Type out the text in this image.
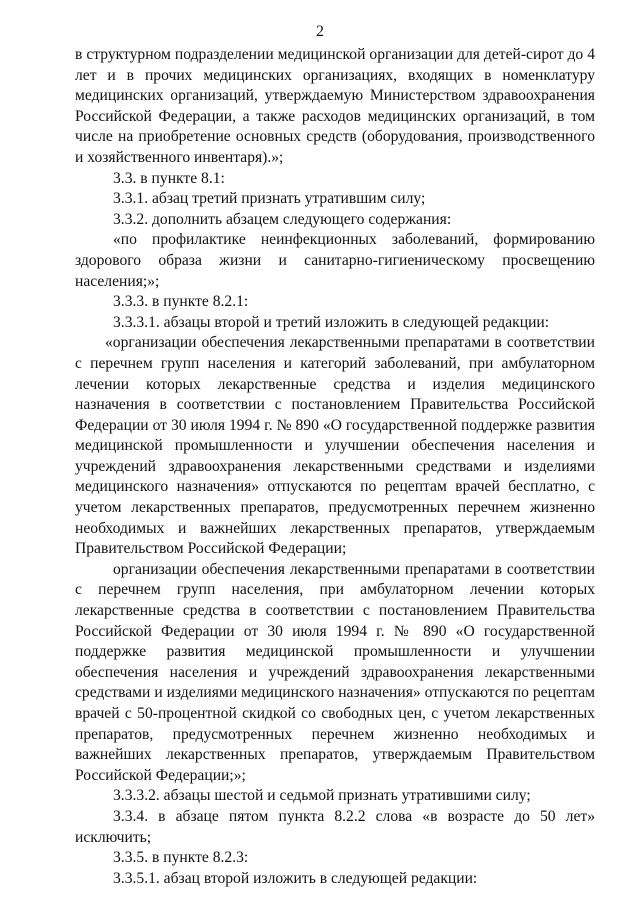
2

в структурном подразделении медицинской организации для детей-сирот до 4 лет и в прочих медицинских организациях, входящих в номенклатуру медицинских организаций, утверждаемую Министерством здравоохранения Российской Федерации, а также расходов медицинских организаций, в том числе на приобретение основных средств (оборудования, производственного и хозяйственного инвентаря).»;

3.3. в пункте 8.1:

3.3.1. абзац третий признать утратившим силу;

3.3.2. дополнить абзацем следующего содержания:

«по профилактике неинфекционных заболеваний, формированию здорового образа жизни и санитарно-гигиеническому просвещению населения;»;

3.3.3. в пункте 8.2.1:

3.3.3.1. абзацы второй и третий изложить в следующей редакции:

«организации обеспечения лекарственными препаратами в соответствии с перечнем групп населения и категорий заболеваний, при амбулаторном лечении которых лекарственные средства и изделия медицинского назначения в соответствии с постановлением Правительства Российской Федерации от 30 июля 1994 г. № 890 «О государственной поддержке развития медицинской промышленности и улучшении обеспечения населения и учреждений здравоохранения лекарственными средствами и изделиями медицинского назначения» отпускаются по рецептам врачей бесплатно, с учетом лекарственных препаратов, предусмотренных перечнем жизненно необходимых и важнейших лекарственных препаратов, утверждаемым Правительством Российской Федерации;

организации обеспечения лекарственными препаратами в соответствии с перечнем групп населения, при амбулаторном лечении которых лекарственные средства в соответствии с постановлением Правительства Российской Федерации от 30 июля 1994 г. № 890 «О государственной поддержке развития медицинской промышленности и улучшении обеспечения населения и учреждений здравоохранения лекарственными средствами и изделиями медицинского назначения» отпускаются по рецептам врачей с 50-процентной скидкой со свободных цен, с учетом лекарственных препаратов, предусмотренных перечнем жизненно необходимых и важнейших лекарственных препаратов, утверждаемым Правительством Российской Федерации;»;

3.3.3.2. абзацы шестой и седьмой признать утратившими силу;

3.3.4. в абзаце пятом пункта 8.2.2 слова «в возрасте до 50 лет» исключить;

3.3.5. в пункте 8.2.3:

3.3.5.1. абзац второй изложить в следующей редакции:
